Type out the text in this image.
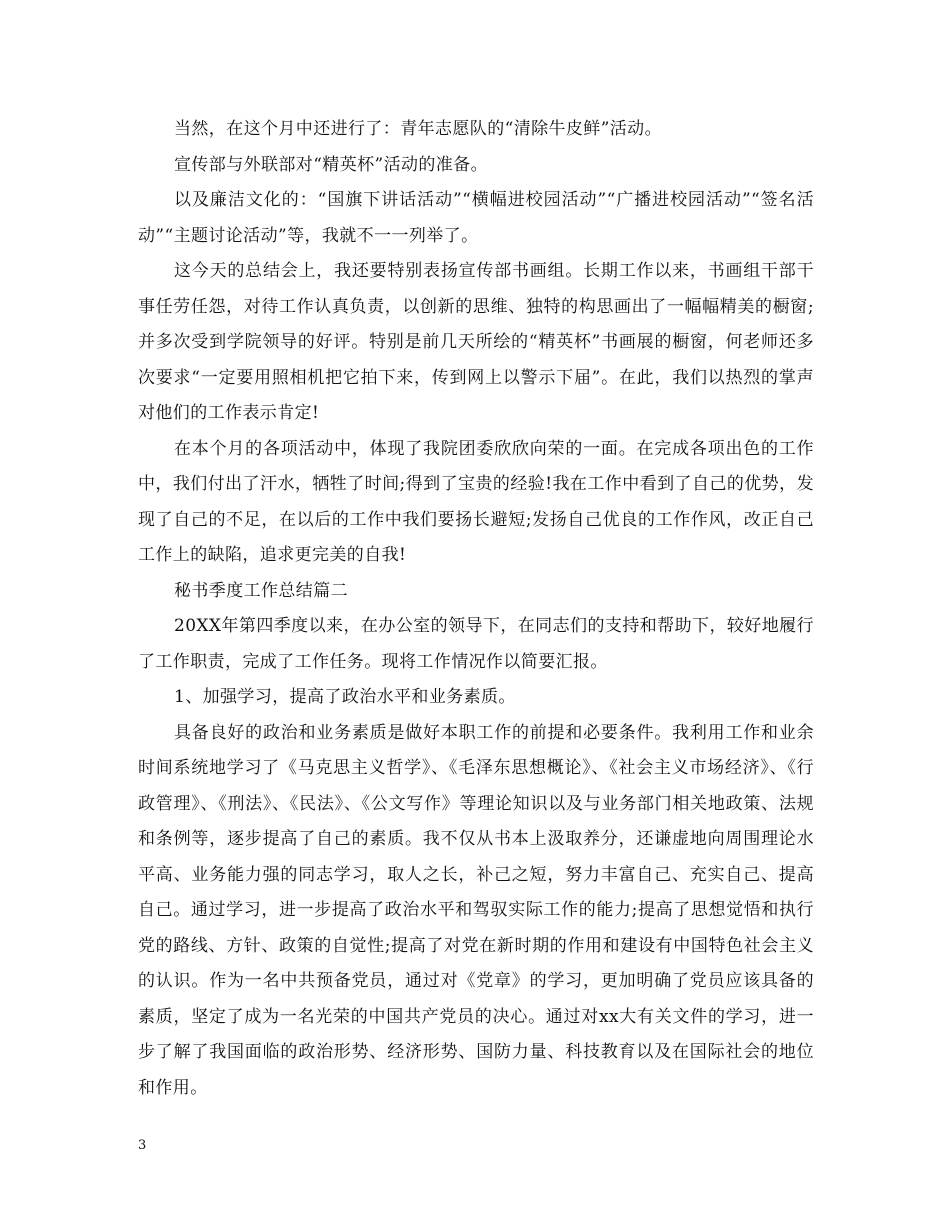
当然，在这个月中还进行了：青年志愿队的“清除牛皮鲜”活动。

宣传部与外联部对“精英杯”活动的准备。

以及廉洁文化的：“国旗下讲话活动”“横幅进校园活动”“广播进校园活动”“签名活动”“主题讨论活动”等，我就不一一列举了。

这今天的总结会上，我还要特别表扬宣传部书画组。长期工作以来，书画组干部干事任劳任怨，对待工作认真负责，以创新的思维、独特的构思画出了一幅幅精美的橱窗;并多次受到学院领导的好评。特别是前几天所绘的“精英杯”书画展的橱窗，何老师还多次要求“一定要用照相机把它拍下来，传到网上以警示下届”。在此，我们以热烈的掌声对他们的工作表示肯定!

在本个月的各项活动中，体现了我院团委欣欣向荣的一面。在完成各项出色的工作中，我们付出了汗水，牺牲了时间;得到了宝贵的经验!我在工作中看到了自己的优势，发现了自己的不足，在以后的工作中我们要扬长避短;发扬自己优良的工作作风，改正自己工作上的缺陷，追求更完美的自我!

秘书季度工作总结篇二

20XX年第四季度以来，在办公室的领导下，在同志们的支持和帮助下，较好地履行了工作职责，完成了工作任务。现将工作情况作以简要汇报。

1、加强学习，提高了政治水平和业务素质。

具备良好的政治和业务素质是做好本职工作的前提和必要条件。我利用工作和业余时间系统地学习了《马克思主义哲学》、《毛泽东思想概论》、《社会主义市场经济》、《行政管理》、《刑法》、《民法》、《公文写作》等理论知识以及与业务部门相关地政策、法规和条例等，逐步提高了自己的素质。我不仅从书本上汲取养分，还谦虚地向周围理论水平高、业务能力强的同志学习，取人之长，补己之短，努力丰富自己、充实自己、提高自己。通过学习，进一步提高了政治水平和驾驭实际工作的能力;提高了思想觉悟和执行党的路线、方针、政策的自觉性;提高了对党在新时期的作用和建设有中国特色社会主义的认识。作为一名中共预备党员，通过对《党章》的学习，更加明确了党员应该具备的素质，坚定了成为一名光荣的中国共产党员的决心。通过对xx大有关文件的学习，进一步了解了我国面临的政治形势、经济形势、国防力量、科技教育以及在国际社会的地位和作用。

3
